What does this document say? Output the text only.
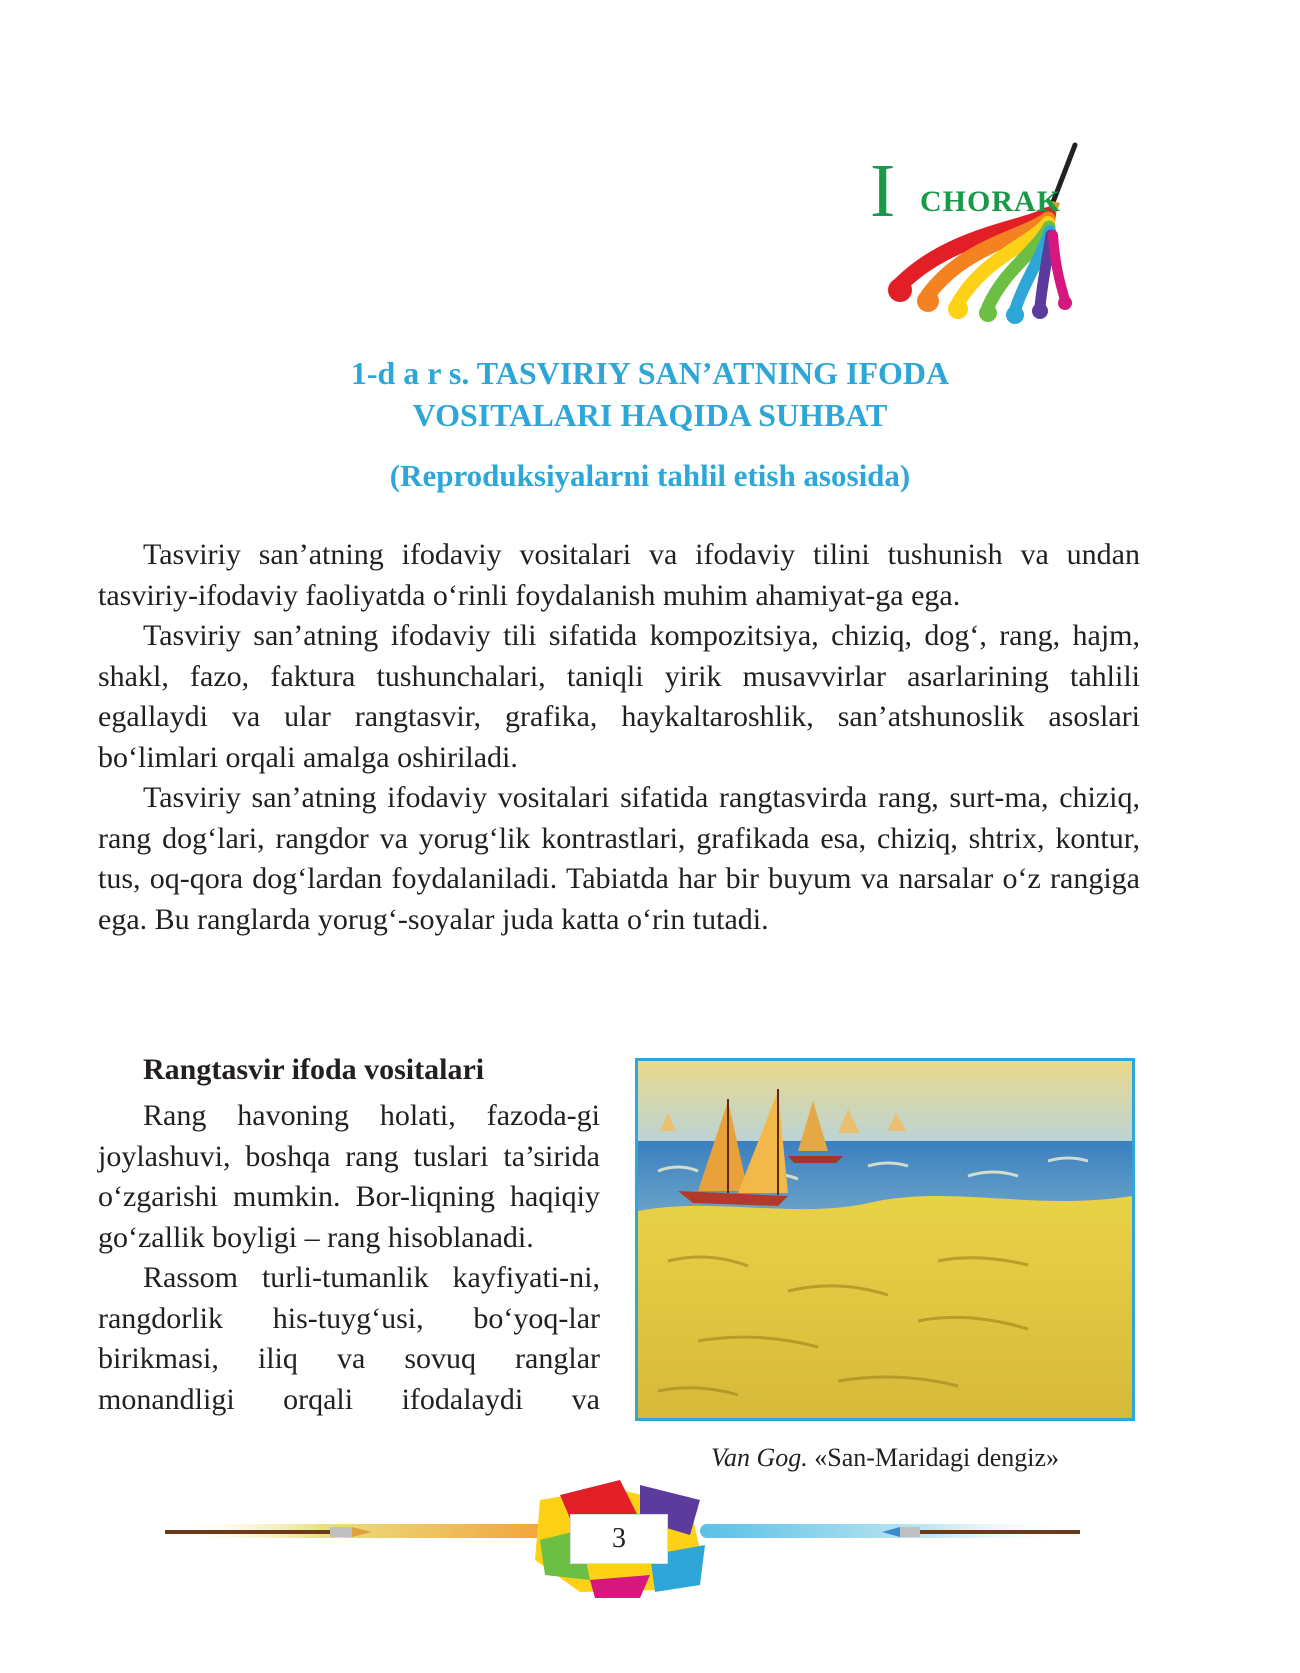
I CHORAK
1-d a r s. TASVIRIY SAN’ATNING IFODA
VOSITALARI HAQIDA SUHBAT
(Reproduksiyalarni tahlil etish asosida)

Tasviriy san’atning ifodaviy vositalari va ifodaviy tilini tushunish va undan tasviriy-ifodaviy faoliyatda o‘rinli foydalanish muhim ahamiyat-ga ega.

Tasviriy san’atning ifodaviy tili sifatida kompozitsiya, chiziq, dog‘, rang, hajm, shakl, fazo, faktura tushunchalari, taniqli yirik musavvirlar asarlarining tahlili egallaydi va ular rangtasvir, grafika, haykaltaroshlik, san’atshunoslik asoslari bo‘limlari orqali amalga oshiriladi.

Tasviriy san’atning ifodaviy vositalari sifatida rangtasvirda rang, surt-ma, chiziq, rang dog‘lari, rangdor va yorug‘lik kontrastlari, grafikada esa, chiziq, shtrix, kontur, tus, oq-qora dog‘lardan foydalaniladi. Tabiatda har bir buyum va narsalar o‘z rangiga ega. Bu ranglarda yorug‘-soyalar juda katta o‘rin tutadi.

Rangtasvir ifoda vositalari

Rang havoning holati, fazoda-gi joylashuvi, boshqa rang tuslari ta’sirida o‘zgarishi mumkin. Bor-liqning haqiqiy go‘zallik boyligi – rang hisoblanadi.

Rassom turli-tumanlik kayfiyati-ni, rangdorlik his-tuyg‘usi, bo‘yoq-lar birikmasi, iliq va sovuq ranglar monandligi orqali ifodalaydi va

Van Gog. «San-Maridagi dengiz»
3
